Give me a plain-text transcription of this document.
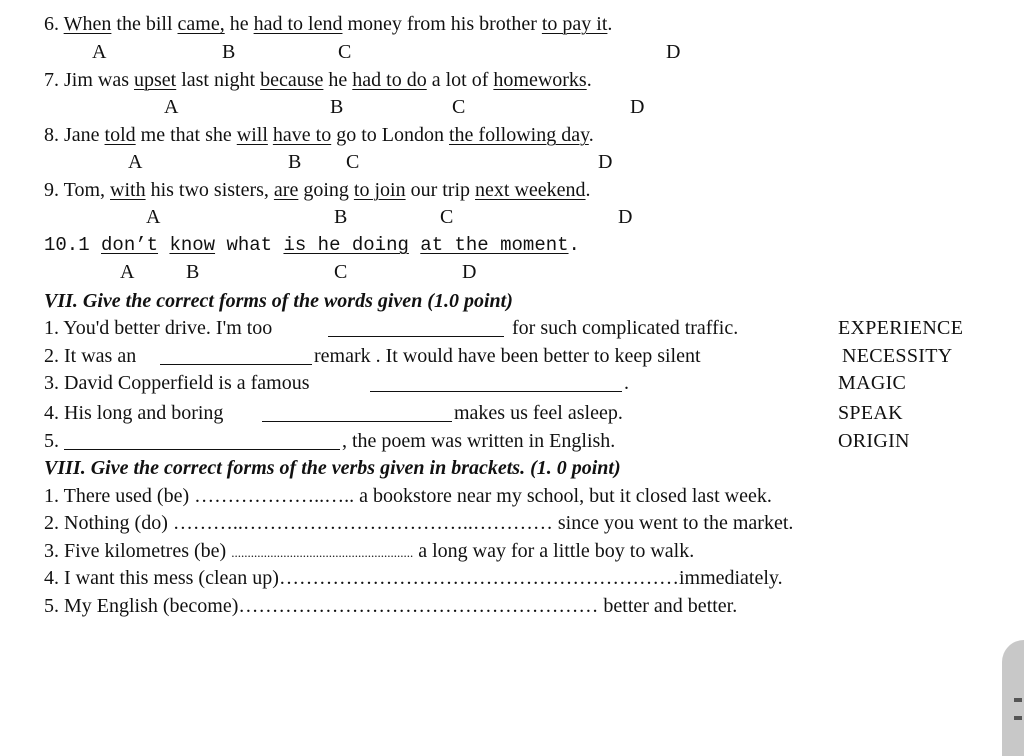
6. When the bill came, he had to lend money from his brother to pay it.
A	B	C	D
7. Jim was upset last night because he had to do a lot of homeworks.
A	B	C	D
8. Jane told me that she will have to go to London the following day.
A	B C	D
9. Tom, with his two sisters, are going to join our trip next weekend.
A	B	C	D
10.1 don’t know what is he doing at the moment.
A	B	C	D
VII. Give the correct forms of the words given (1.0 point)
1. You'd better drive. I'm too	for such complicated traffic.	EXPERIENCE
2. It was an	remark . It would have been better to keep silent	NECESSITY
3. David Copperfield is a famous	.	MAGIC
4. His long and boring	makes us feel asleep.	SPEAK
5.	, the poem was written in English.	ORIGIN
VIII. Give the correct forms of the verbs given in brackets. (1. 0 point)
1. There used (be) ………………..….. a bookstore near my school, but it closed last week.
2. Nothing (do) ………..……………………………..………… since you went to the market.
3. Five kilometres (be) ........................................................ a long way for a little boy to walk.
4. I want this mess (clean up)……………………………………………………immediately.
5. My English (become)……………………………………………… better and better.
